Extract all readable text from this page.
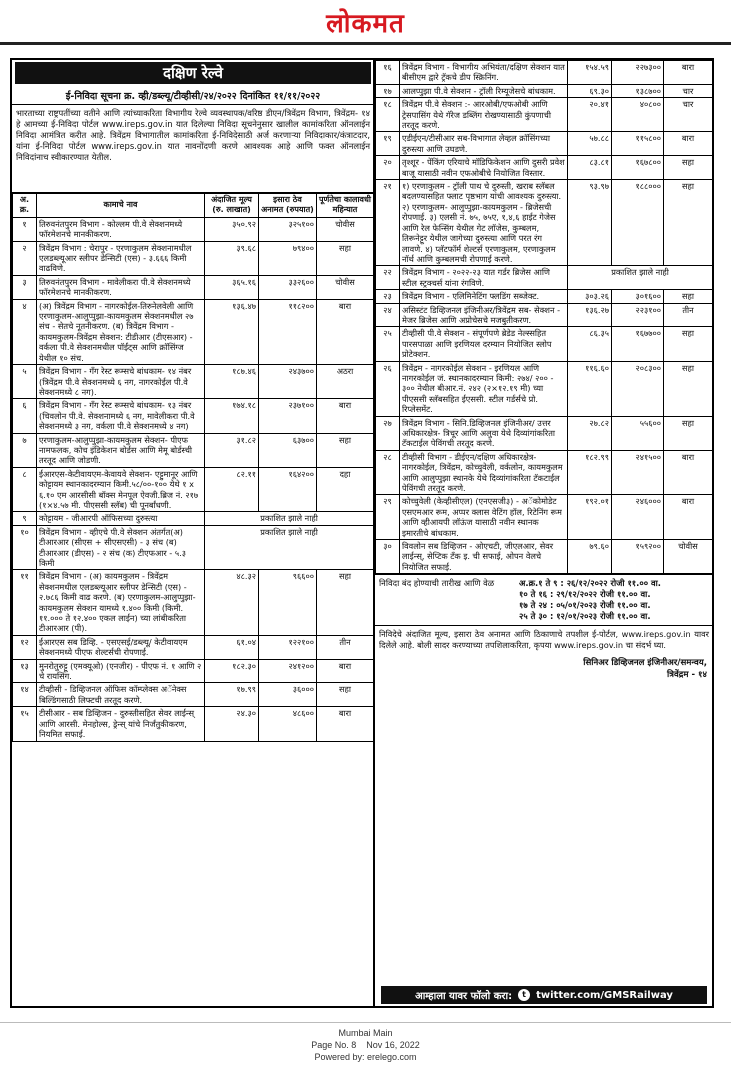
लोकमत
दक्षिण रेल्वे
ई-निविदा सूचना क्र. व्ही/डब्ल्यू/टीव्हीसी/२४/२०२२ दिनांकित ११/११/२०२२
भारताच्या राष्ट्रपतींच्या वतीने आणि त्यांच्याकरिता विभागीय रेल्वे व्यवस्थापक/वरिष्ठ डीएन/त्रिवेंद्रम विभाग, त्रिवेंद्रम- १४ हे आमच्या ई-निविदा पोर्टल www.ireps.gov.in यात दिलेल्या निविदा सूचनेनुसार खालील कामांकरिता ऑनलाईन निविदा आमंत्रित करीत आहे. त्रिवेंद्रम विभागातील कामांकरिता ई-निविदेसाठी अर्ज करणाऱ्या निविदाकार/कंत्राटदार, यांना ई-निविदा पोर्टल www.ireps.gov.in यात नावनोंदणी करणे आवश्यक आहे आणि फक्त ऑनलाईन निविदांनाच स्वीकारण्यात येतील.
अ. क्र.	कामाचे नाव	अंदाजित मूल्य (रु. लाखात)	इसारा ठेव अनामत (रुपयात)	पूर्णतेचा कालावधी महिन्यात
१	तिरुवनंतपुरम विभाग - कोल्लम पी.वे सेक्शनमध्ये फॉरमेशनचे मानकीकरण.	३५०.९२	३२५१००	चोवीस
२	त्रिवेंद्रम विभाग : चेरापुर - एरणाकुलम सेक्शनामधील एलडब्ल्यूआर स्लीपर डेन्सिटी (एस) - ३.६६६ किमी वाढविणे.	३९.६८	७९४००	सहा
३	तिरुवनंतपुरम विभाग - मावेलीकरा पी.वे सेक्शनमध्ये फॉरमेशनचे मानकीकरण.	३६५.१६	३३२६००	चोवीस
४	(अ) त्रिवेंद्रम विभाग - नागरकोईल-तिरुनेलवेली आणि एरणाकुलम-आलुप्पुझा-कायमकुलम सेक्शनमधील २७ संच - सेतचे नूतनीकरण. (ब) त्रिवेंद्रम विभाग - कायमकुलम-त्रिवेंद्रम सेक्शन: टीडीआर (टीएसआर) - वर्कला पी.वे सेक्शनमधील पॉईंट्स आणि क्रॉसिंग्ज येथील १० संच.	१३६.४७	११८२००	बारा
५	त्रिवेंद्रम विभाग - गँग रेस्ट रूम्सचे बांधकाम- १४ नंबर (त्रिवेंद्रम पी.वे सेक्शनमध्ये ६ नग, नागरकोईल पी.वे सेक्शनमध्ये ८ नग).	१८७.४६	२४३७००	अठरा
६	त्रिवेंद्रम विभाग - गँग रेस्ट रूम्सचे बांधकाम- १३ नंबर (चिवलोन पी.वे. सेक्शनामध्ये ६ नग, मावेलीकरा पी.वे सेक्शनमध्ये ३ नग, वर्कला पी.वे सेक्शनमध्ये ४ नग)	१७४.१८	२३७१००	बारा
७	एरणाकुलम-आलुप्पुझा-कायमकुलम सेक्शन- पीएफ नामफलक, कोच इंडिकेशन बोर्डस आणि मेमू बोर्डस्ची तरतूद आणि जोडणी.	३१.८२	६३७००	सहा
८	ईआरएस-केटीवायएम-केवायवे सेक्शन- एट्टुमानूर आणि कोट्टायम स्थानकादरम्यान किमी.५८/००-१०० येथे १ x ६.१० एम आरसीसी बॉक्स मेनपूल ऐवजी.ब्रिज नं. २१७ (१×४.५७ मी. पीएससी स्लॅब) ची पूनर्बांधणी.	८२.११	१६४२००	दहा
९	कोट्टायम - जीआरपी ऑफिसच्या दुरुस्त्या	प्रकाशित झाले नाही		
१०	त्रिवेंद्रम विभाग - व्हीएचे पी.वे सेक्शन अंतर्गत(अ) टीआरआर (सीएस + सीएसएसी) - ३ संच (ब) टीआरआर (डीएस) - २ संच (क) टीएफआर - ५.३ किमी	प्रकाशित झाले नाही		
११	त्रिवेंद्रम विभाग - (अ) कायमकुलम - त्रिवेंद्रम सेक्शनमधील एलडब्ल्यूआर स्लीपर डेन्सिटी (एस) - २.७८६ किमी वाढ करणे. (ब) एरणाकुलम-आलुप्पुझा-कायमकुलम सेक्शन यामध्ये १.४०० किमी (किमी. ११.००० ते १२.४०० एकल लाईन) च्या लांबीकरिता टीआरआर (पी).	४८.३२	९६६००	सहा
१२	ईआरएस सब डिव्हि. - एसएसई/डब्ल्यू/ केटीवायएम सेक्शनमध्ये पीएफ शेल्टर्सची रोपणाई.	६१.०४	१२२१००	तीन
१३	मुनरोतुरुट्टू (एमक्यूओ) (एनजीर) - पीएफ नं. १ आणि २ चे रायसिंग.	१८२.३०	२४१२००	बारा
१४	टीव्हीसी - डिव्हिजनल ऑफिस कॉम्प्लेक्स अॅनेक्स बिल्डिंगसाठी लिफ्टची तरतूद करणे.	१७.९९	३६०००	सहा
१५	टीसीआर - सब डिव्हिजन - दुरुस्तीसहित सेवर लाईन्स् आणि आरसी. मेनहोल्स, ड्रेन्स् यांचे निर्जंतुकीकरण, नियमित सफाई.	२४.३०	४८६००	बारा
१६	त्रिवेंद्रम विभाग - विभागीय अभियंता/दक्षिण सेक्शन यात बीसीएम द्वारे ट्रॅकचे डीप स्क्रिनिंग.	१५४.५९	२२७३००	बारा
१७	आलप्पुझा पी.वे सेक्शन - ट्रॉली रिम्यूजेसचे बांधकाम.	६९.३०	१३८७००	चार
१८	त्रिवेंद्रम पी.वे सेक्शन :- आरओबी/एफओबी आणि ट्रेसपासिंग येथे गॅरेज डब्लिंग रोखण्यासाठी कुंपणाची तरतूद करणे.	२०.४१	४०८००	चार
१९	एडीईएन/टीसीआर सब-विभागात लेव्हल क्रॉसिंगच्या दुरुस्त्या आणि उघडणे.	५७.८८	११५८००	बारा
२०	तृश्शूर - पेंकिंग एरियाचे मॉडिफिकेशन आणि दुसरी प्रवेश बाजू यासाठी नवीन एफओबीचे नियोजित विस्तार.	८३.८१	१६७८००	सहा
२१	१) एरणाकुलम - ट्रॉली पाथ चे दुरुस्ती, खराब स्लॅबल बदलण्यासहित फ्लाट पृष्ठभाग यांची आवश्यक दुरुस्त्या. २) एरणाकुलम- आलुप्पुझा-कायमकुलम - ब्रिजेसची रोपणाई. ३) एलसी नं. ७५, ७५ए, १,४,६ हाईट गेजेस आणि रेल फेन्सिंग येथील गेट लॉजेस, कुम्बलम, तिरूनेट्टूर येथील जागेच्या दुरुस्त्या आणि परत रंग लावणे. ४) प्लॅटफॉर्म शेल्टर्स एरणाकुलम, एरणाकुलम नॉर्थ आणि कुम्बलमची रोपणाई करणे.	९३.९७	१८८०००	सहा
२२	त्रिवेंद्रम विभाग - २०२२-२३ यात गर्डर ब्रिजेस आणि स्टील स्ट्रक्चर्स यांना रंगविणे.	प्रकाशित झाले नाही		
२३	त्रिवेंद्रम विभाग - एलिमिनेटिंग फ्लडिंग सब्जेक्ट.	३०३.२६	३०१६००	सहा
२४	असिस्टंट डिव्हिजनल इंजिनीअर/त्रिवेंद्रम सब- सेक्शन - मेजर ब्रिजेस आणि अप्रोचेसचे मजबुतीकरण.	१३६.२७	२२३१००	तीन
२५	टीव्हीसी पी.वे सेक्शन - संपूर्णपणे ब्रेडेड नेल्स्सहित पारसपाळा आणि इरणियल दरम्यान नियोजित स्लोप प्रोटेक्शन.	८६.३५	१६७७००	सहा
२६	त्रिवेंद्रम - नागरकोईल सेक्शन - इरणियल आणि नागरकोईल जं. स्थानकादरम्यान किमी: २७४/ २०० - ३०० नेथील बीआर.नं. २४२ (२×१२.१९ मी) च्या पीएससी स्लॅबसहित ईएससी. स्टील गर्डर्सचे प्रो. रिप्लेसमेंट.	११६.६०	२०८३००	सहा
२७	त्रिवेंद्रम विभाग - सिनि.डिव्हिजनल इंजिनीअर/ उत्तर अधिकारक्षेत्र- त्रिचूर आणि अलुवा येथे दिव्यांगांकरिता टॅकटाईल पेविंगची तरतूद करणे.	२७.८२	५५६००	सहा
२८	टीव्हीसी विभाग - डीईएन/दक्षिण अधिकारक्षेत्र- नागरकोईल, त्रिवेंद्रम, कोच्चुवेली, वर्कलोन, कायमकुलम आणि आलुप्पुझा स्थानके येथे दिव्यांगांकरिता टॅकटाईल पेविंगची तरतूद करणे.	१८२.९९	२४१५००	बारा
२९	कोच्चुवेली (केव्हीसीएल) (एनएसजी३) - अॅकोमोडेट एसएमआर रूम, अप्पर क्लास वेटिंग हॉल, रिटेनिंग रूम आणि व्हीआयपी लॉऊंज यासाठी नवीन स्थानक इमारतीचे बांधकाम.	१९२.०१	२४६०००	बारा
३०	विवलोन सब डिव्हिजन - ओएचटी, जीएलआर, सेवर लाईन्स्, सेप्टिक टँक इ. ची सफाई, ओपन वेलचे नियोजित सफाई.	७९.६०	१५९२००	चोवीस
निविदा बंद होण्याची तारीख आणि वेळ	अ.क्र.१ ते ९ : २६/१२/२०२२ रोजी ११.०० वा.
१० ते १६ : २९/१२/२०२२ रोजी ११.०० वा.
१७ ते २४ : ०५/०१/२०२३ रोजी ११.०० वा.
२५ ते ३० : १२/०१/२०२३ रोजी ११.०० वा.
निविदेचे अंदाजित मूल्य, इसारा ठेव अनामत आणि ठिकाणाचे तपशील ई-पोर्टल, www.ireps.gov.in यावर दिलेले आहे. बोली सादर करण्याच्या तपशिलाकरिता, कृपया www.ireps.gov.in चा संदर्भ घ्या.
सिनिअर डिव्हिजनल इंजिनीअर/समन्वय,
त्रिवेंद्रम - १४
आम्हाला यावर फॉलो करा:	t	twitter.com/GMSRailway
Mumbai Main
Page No. 8    Nov 16, 2022
Powered by: erelego.com
